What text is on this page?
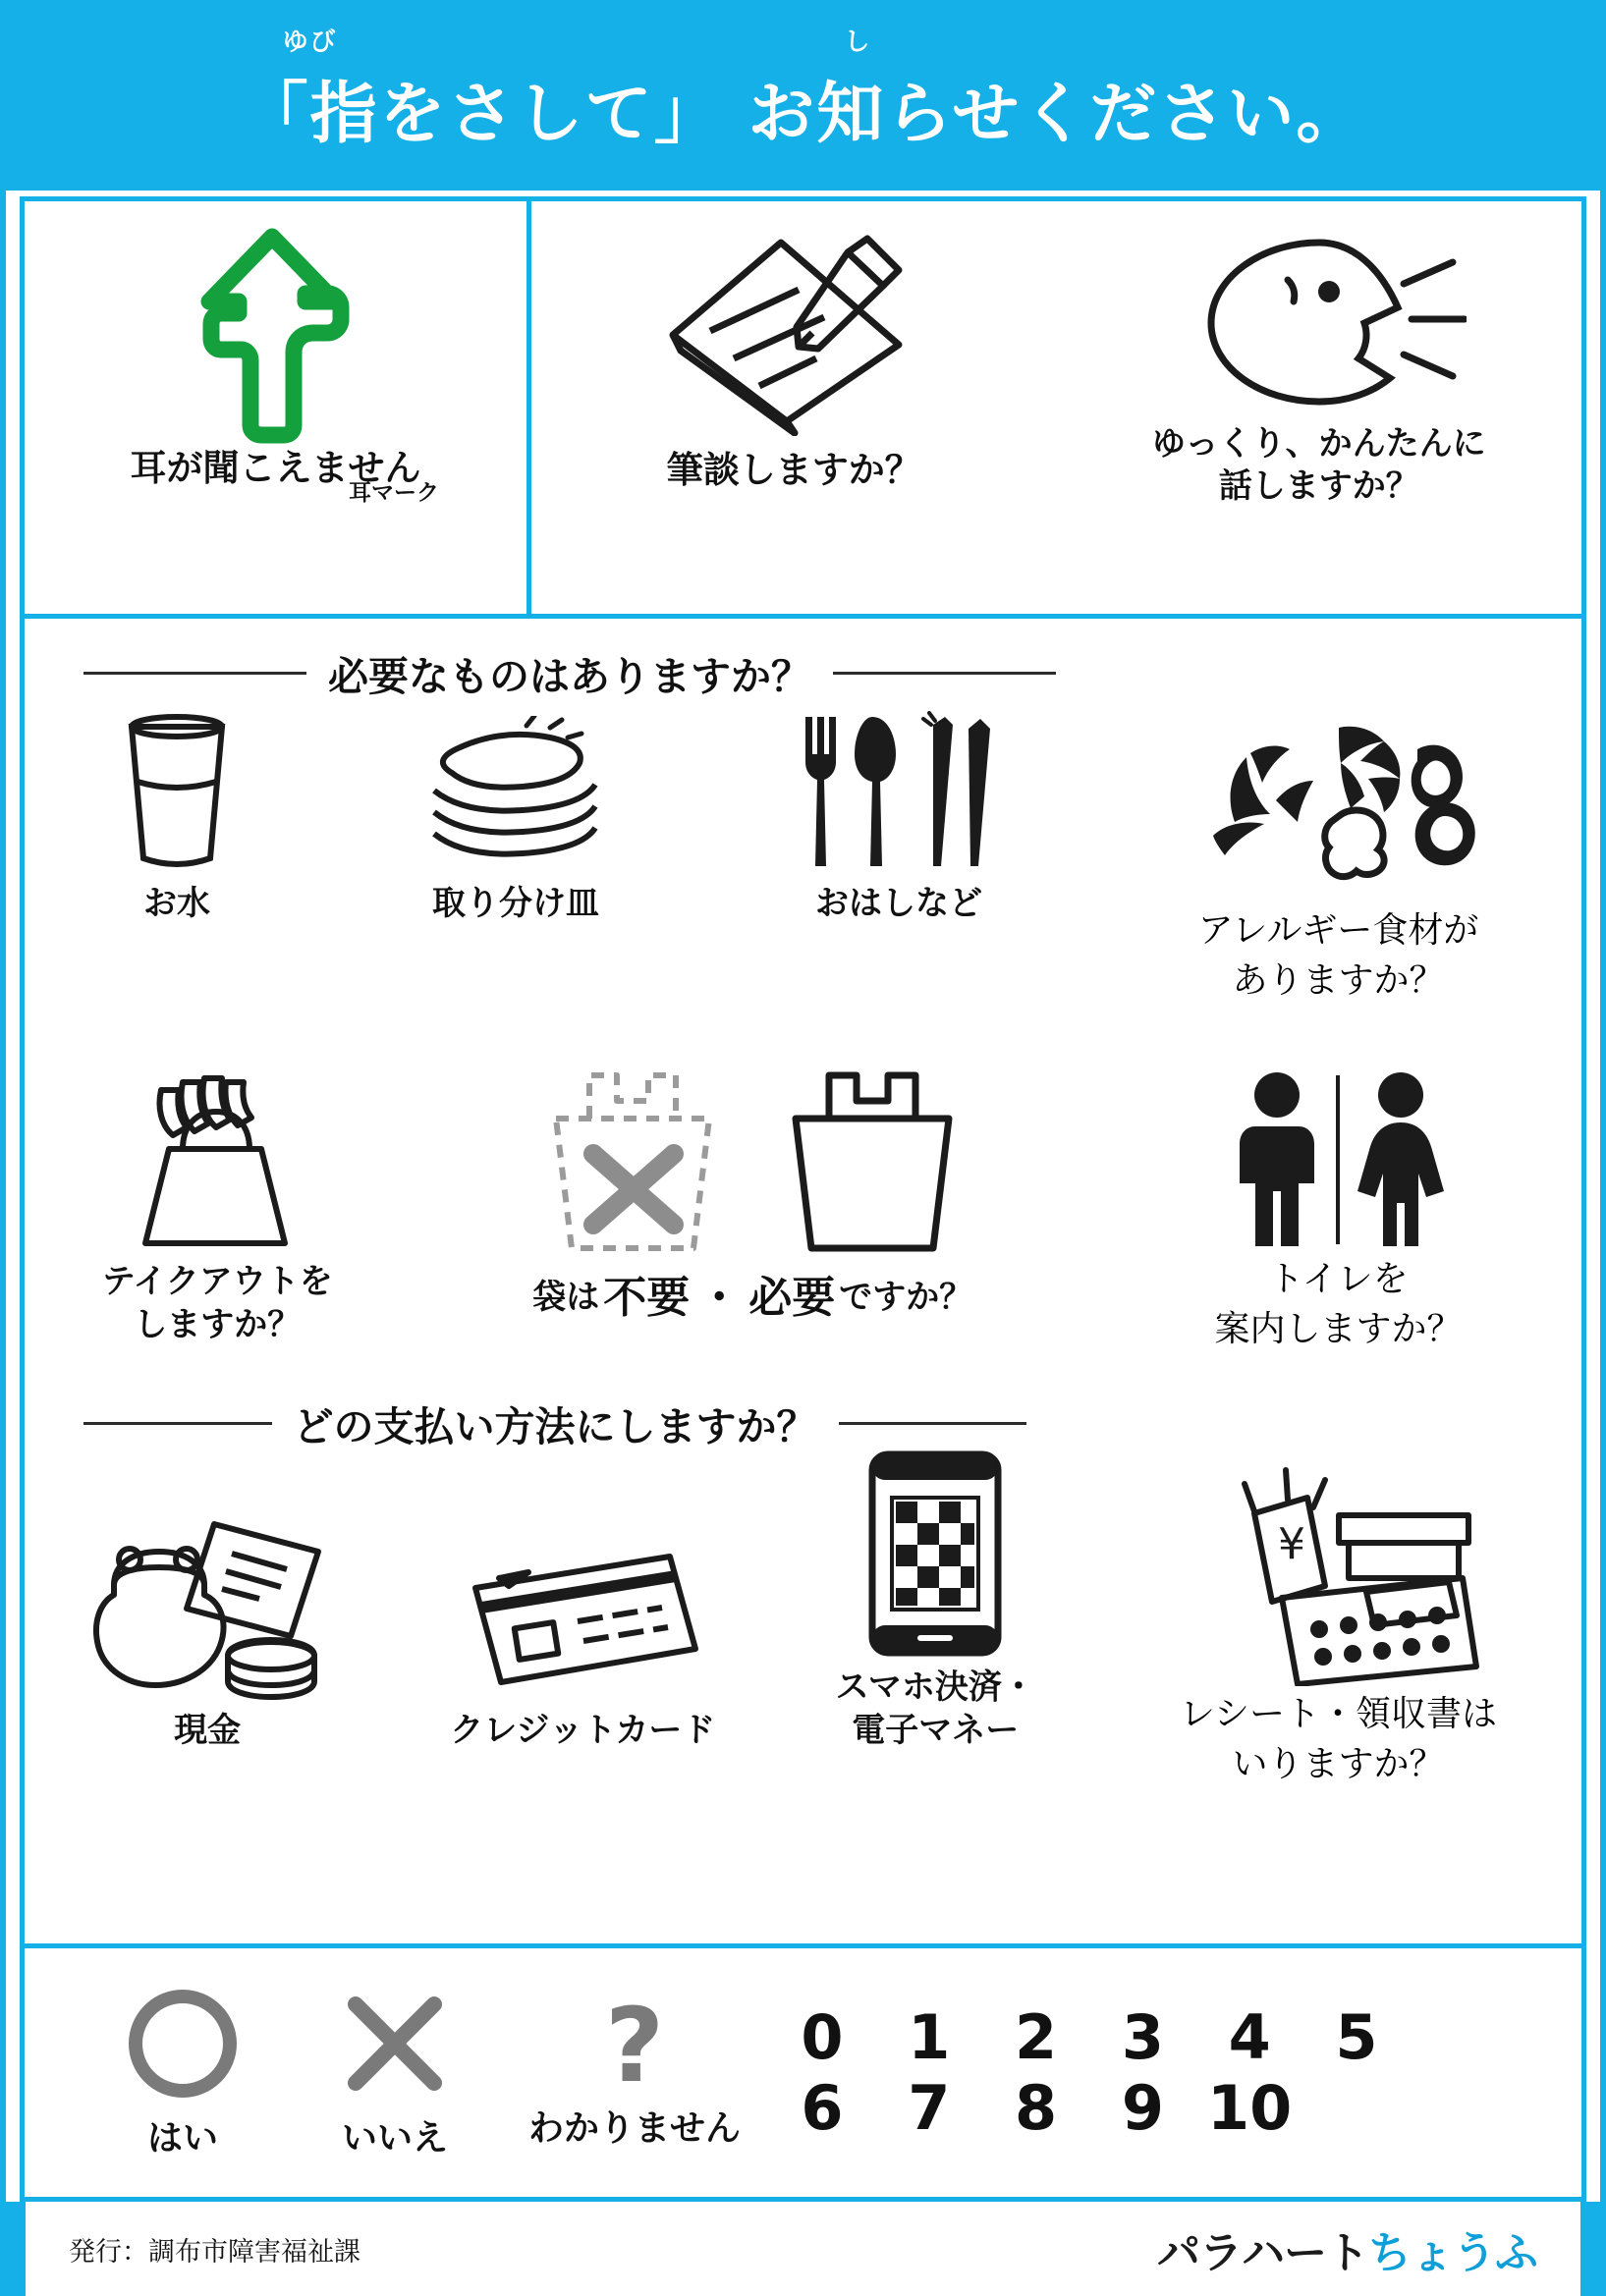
ゆび
「指
し
をさして」 お知 らせください。
耳マーク
耳が聞こえません	筆談しますか？
ゆっくり、かんたんに
話しますか？
必要なものはありますか？
お水	取り分け皿	おはしなど
アレルギー食材が
ありますか？
テイクアウトを
しますか？
袋は 不要 ・ 必要 ですか？	トイレを
案内しますか？
どの支払い方法にしますか？
現金	クレジットカード
スマホ決済・
電子マネー
¥
レシート・領収書は
いりますか？
はい	いいえ
?
わかりません
0	1	2	3	4	5
6	7	8	9 10
発行：調布市障害福祉課	パラハート ちょうふ
